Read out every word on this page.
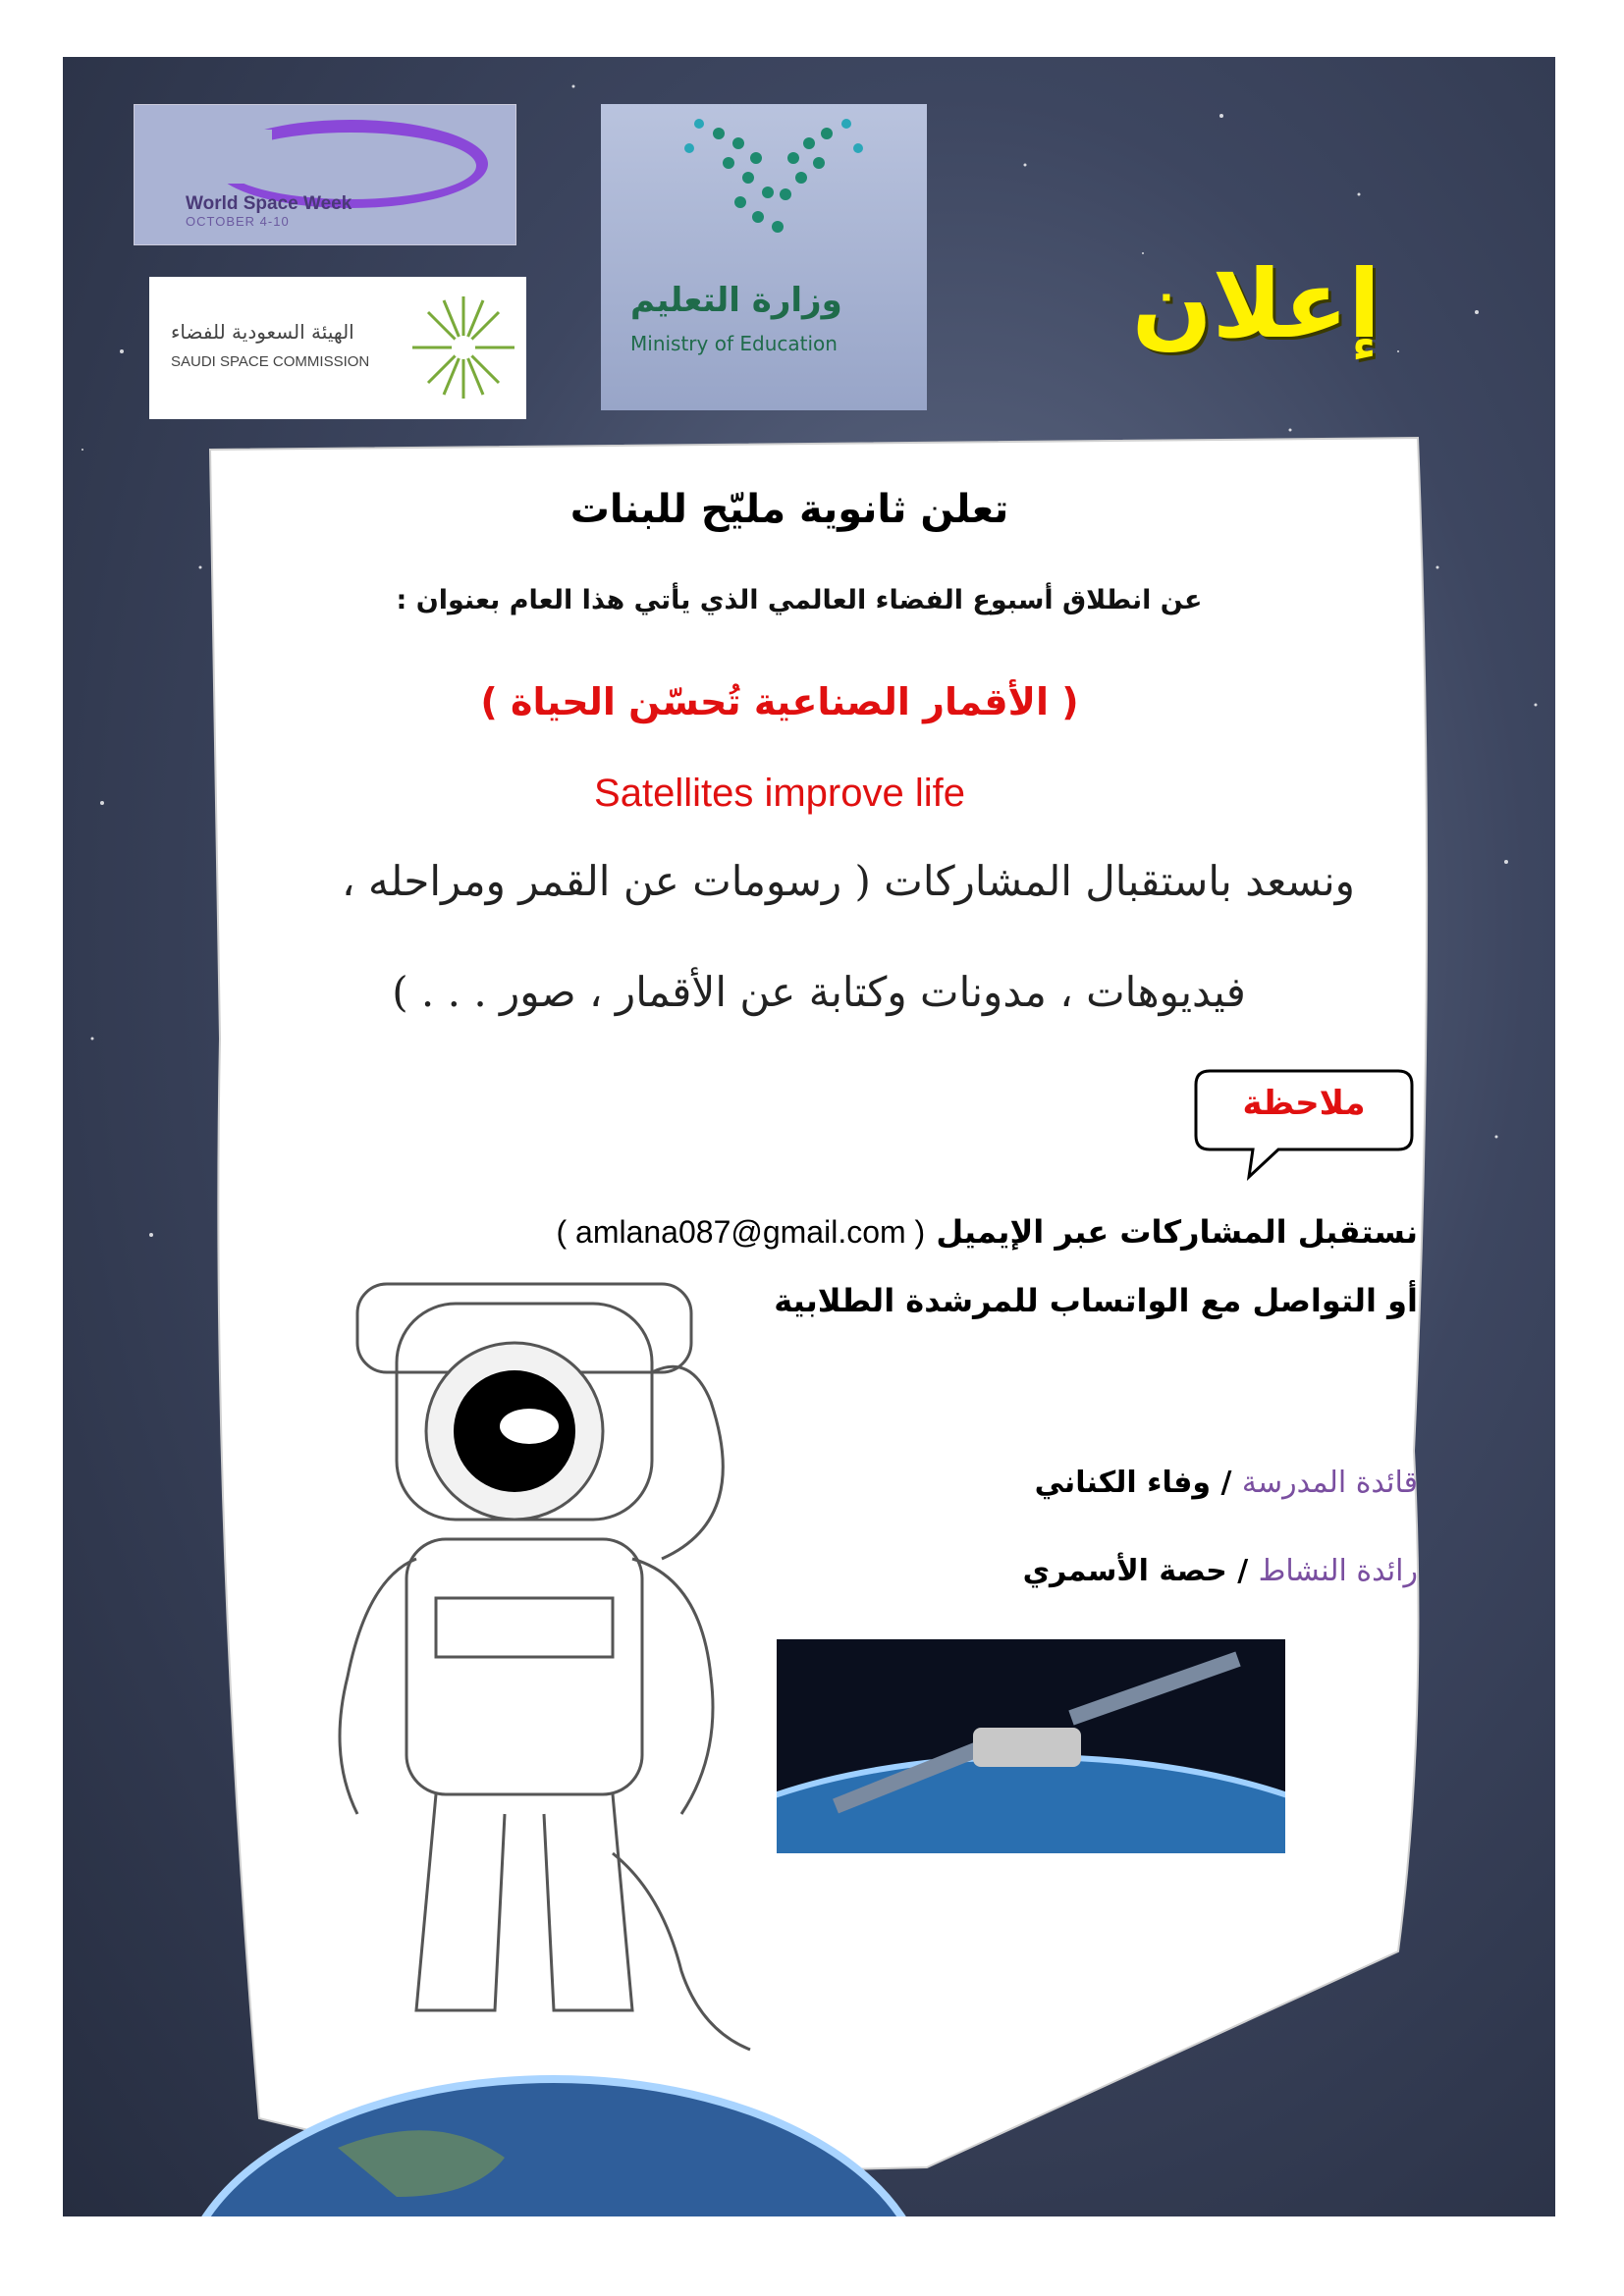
World Space Week
OCTOBER 4-10
وزارة التعليم
Ministry of Education
الهيئة السعودية للفضاء
SAUDI SPACE COMMISSION
إعلان
تعلن ثانوية مليّح للبنات
عن انطلاق أسبوع الفضاء العالمي الذي يأتي هذا العام بعنوان :
( الأقمار الصناعية تُحسّن الحياة )
Satellites improve life
ونسعد باستقبال المشاركات ( رسومات عن القمر ومراحله ،
فيديوهات ، مدونات وكتابة عن الأقمار ، صور . . . )
ملاحظة
نستقبل المشاركات عبر الإيميل ( amlana087@gmail.com )
أو التواصل مع الواتساب للمرشدة الطلابية
قائدة المدرسة / وفاء الكناني
رائدة النشاط / حصة الأسمري
